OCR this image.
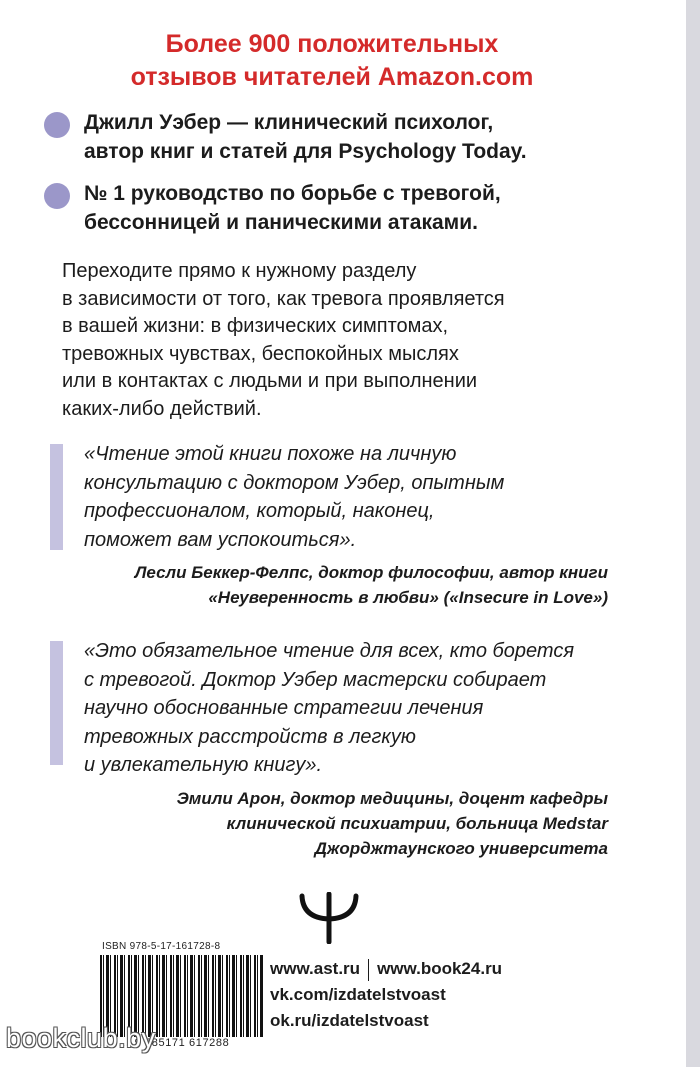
Более 900 положительных
отзывов читателей Amazon.com
Джилл Уэбер — клинический психолог,
автор книг и статей для Psychology Today.
№ 1 руководство по борьбе с тревогой,
бессонницей и паническими атаками.
Переходите прямо к нужному разделу
в зависимости от того, как тревога проявляется
в вашей жизни: в физических симптомах,
тревожных чувствах, беспокойных мыслях
или в контактах с людьми и при выполнении
каких-либо действий.
«Чтение этой книги похоже на личную
консультацию с доктором Уэбер, опытным
профессионалом, который, наконец,
поможет вам успокоиться».
Лесли Беккер-Фелпс, доктор философии, автор книги
«Неуверенность в любви» («Insecure in Love»)
«Это обязательное чтение для всех, кто борется
с тревогой. Доктор Уэбер мастерски собирает
научно обоснованные стратегии лечения
тревожных расстройств в легкую
и увлекательную книгу».
Эмили Арон, доктор медицины, доцент кафедры
клинической психиатрии, больница Medstar
Джорджтаунского университета
ISBN 978-5-17-161728-8
9 785171 617288
www.ast.ru www.book24.ru
vk.com/izdatelstvoast
ok.ru/izdatelstvoast
bookclub.by
